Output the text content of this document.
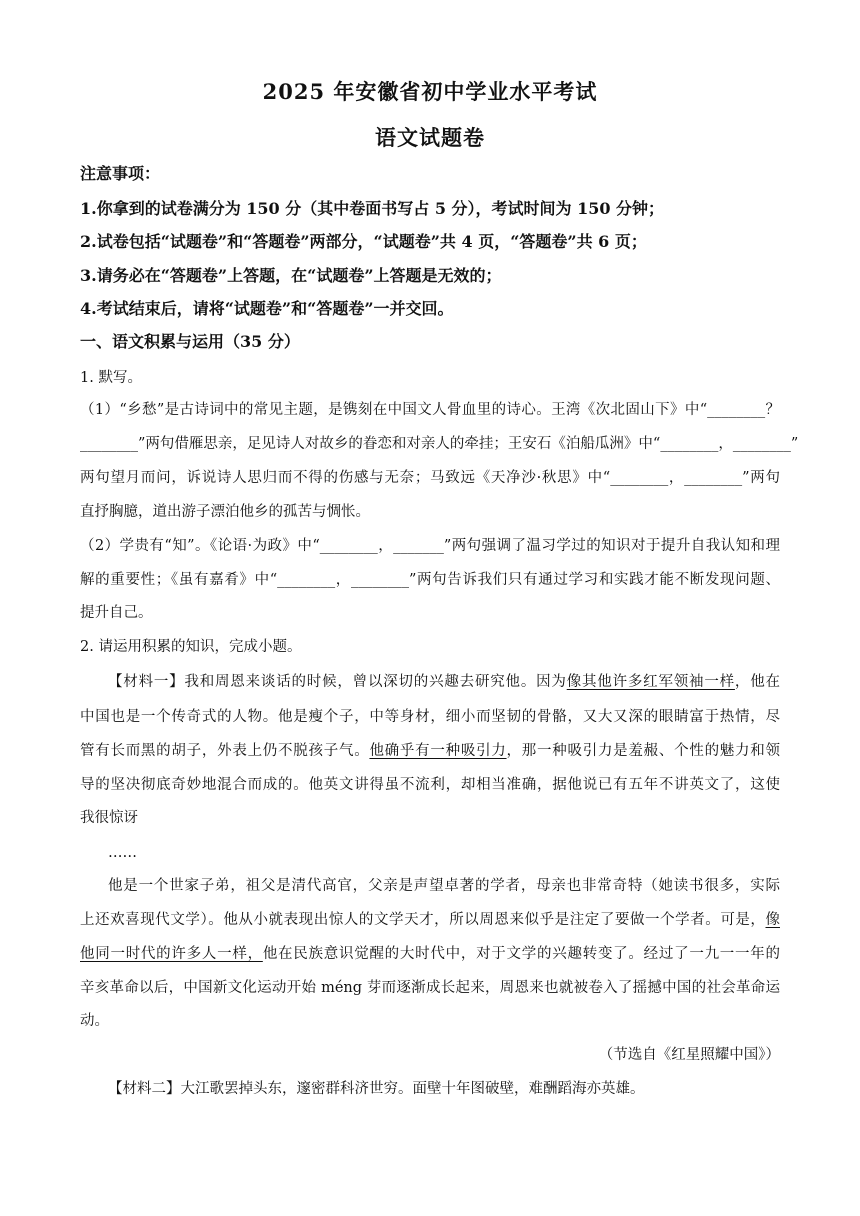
2025 年安徽省初中学业水平考试
语文试题卷
注意事项：
1.你拿到的试卷满分为 150 分（其中卷面书写占 5 分），考试时间为 150 分钟；
2.试卷包括“试题卷”和“答题卷”两部分，“试题卷”共 4 页，“答题卷”共 6 页；
3.请务必在“答题卷”上答题，在“试题卷”上答题是无效的；
4.考试结束后，请将“试题卷”和“答题卷”一并交回。
一、语文积累与运用（35 分）
1. 默写。
（1）“乡愁”是古诗词中的常见主题，是镌刻在中国文人骨血里的诗心。王湾《次北固山下》中“________？
________”两句借雁思亲，足见诗人对故乡的眷恋和对亲人的牵挂；王安石《泊船瓜洲》中“________，________”
两句望月而问，诉说诗人思归而不得的伤感与无奈；马致远《天净沙·秋思》中“________，________”两句
直抒胸臆，道出游子漂泊他乡的孤苦与惆怅。
（2）学贵有“知”。《论语·为政》中“________，_______”两句强调了温习学过的知识对于提升自我认知和理
解的重要性；《虽有嘉肴》中“________，________”两句告诉我们只有通过学习和实践才能不断发现问题、
提升自己。
2. 请运用积累的知识，完成小题。
【材料一】我和周恩来谈话的时候，曾以深切的兴趣去研究他。因为像其他许多红军领袖一样，他在
中国也是一个传奇式的人物。他是瘦个子，中等身材，细小而坚韧的骨骼，又大又深的眼睛富于热情，尽
管有长而黑的胡子，外表上仍不脱孩子气。他确乎有一种吸引力，那一种吸引力是羞赧、个性的魅力和领
导的坚决彻底奇妙地混合而成的。他英文讲得虽不流利，却相当准确，据他说已有五年不讲英文了，这使
我很惊讶
……
他是一个世家子弟，祖父是清代高官，父亲是声望卓著的学者，母亲也非常奇特（她读书很多，实际
上还欢喜现代文学）。他从小就表现出惊人的文学天才，所以周恩来似乎是注定了要做一个学者。可是，像
他同一时代的许多人一样，他在民族意识觉醒的大时代中，对于文学的兴趣转变了。经过了一九一一年的
辛亥革命以后，中国新文化运动开始 méng 芽而逐渐成长起来，周恩来也就被卷入了摇撼中国的社会革命运
动。
（节选自《红星照耀中国》）
【材料二】大江歌罢掉头东，邃密群科济世穷。面壁十年图破壁，难酬蹈海亦英雄。
